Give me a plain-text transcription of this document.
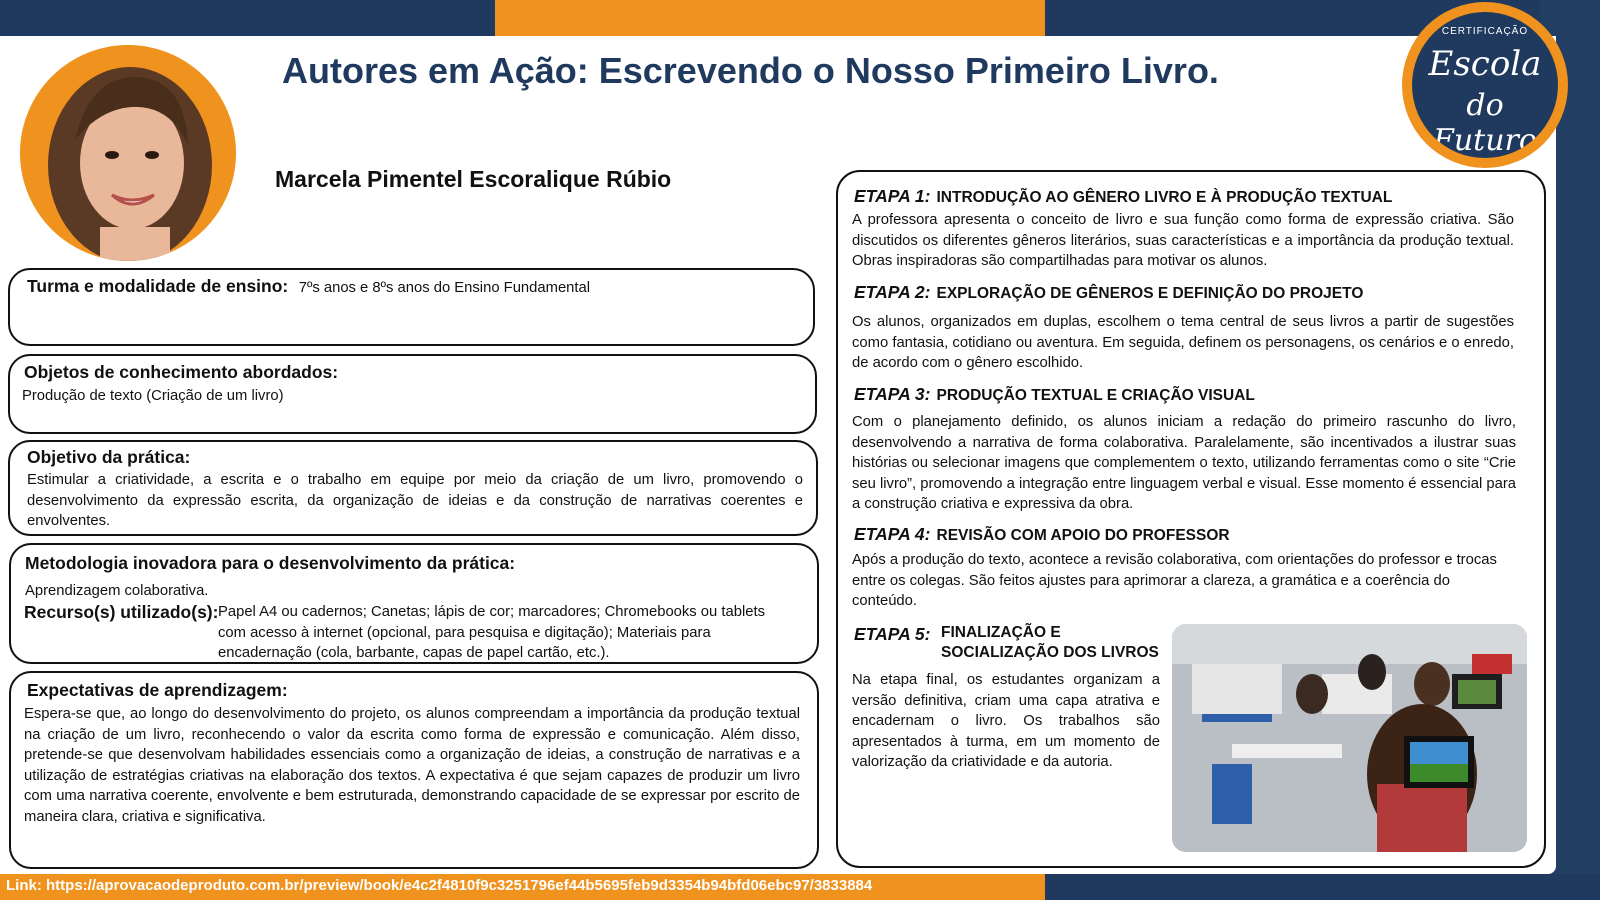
Autores em Ação: Escrevendo o Nosso Primeiro Livro.
Marcela Pimentel Escoralique Rúbio
CERTIFICAÇÃO
Escola
do Futuro
Turma e modalidade de ensino: 7ºs anos e 8ºs anos do Ensino Fundamental
Objetos de conhecimento abordados:
Produção de texto (Criação de um livro)
Objetivo da prática:
Estimular a criatividade, a escrita e o trabalho em equipe por meio da criação de um livro, promovendo o desenvolvimento da expressão escrita, da organização de ideias e da construção de narrativas coerentes e envolventes.
Metodologia inovadora para o desenvolvimento da prática:
Aprendizagem colaborativa.
Recurso(s) utilizado(s): Papel A4 ou cadernos; Canetas; lápis de cor; marcadores; Chromebooks ou tablets com acesso à internet (opcional, para pesquisa e digitação); Materiais para encadernação (cola, barbante, capas de papel cartão, etc.).
Expectativas de aprendizagem:
Espera-se que, ao longo do desenvolvimento do projeto, os alunos compreendam a importância da produção textual na criação de um livro, reconhecendo o valor da escrita como forma de expressão e comunicação. Além disso, pretende-se que desenvolvam habilidades essenciais como a organização de ideias, a construção de narrativas e a utilização de estratégias criativas na elaboração dos textos. A expectativa é que sejam capazes de produzir um livro com uma narrativa coerente, envolvente e bem estruturada, demonstrando capacidade de se expressar por escrito de maneira clara, criativa e significativa.
ETAPA 1: INTRODUÇÃO AO GÊNERO LIVRO E À PRODUÇÃO TEXTUAL
A professora apresenta o conceito de livro e sua função como forma de expressão criativa. São discutidos os diferentes gêneros literários, suas características e a importância da produção textual. Obras inspiradoras são compartilhadas para motivar os alunos.
ETAPA 2: EXPLORAÇÃO DE GÊNEROS E DEFINIÇÃO DO PROJETO
Os alunos, organizados em duplas, escolhem o tema central de seus livros a partir de sugestões como fantasia, cotidiano ou aventura. Em seguida, definem os personagens, os cenários e o enredo, de acordo com o gênero escolhido.
ETAPA 3: PRODUÇÃO TEXTUAL E CRIAÇÃO VISUAL
Com o planejamento definido, os alunos iniciam a redação do primeiro rascunho do livro, desenvolvendo a narrativa de forma colaborativa. Paralelamente, são incentivados a ilustrar suas histórias ou selecionar imagens que complementem o texto, utilizando ferramentas como o site “Crie seu livro”, promovendo a integração entre linguagem verbal e visual. Esse momento é essencial para a construção criativa e expressiva da obra.
ETAPA 4: REVISÃO COM APOIO DO PROFESSOR
Após a produção do texto, acontece a revisão colaborativa, com orientações do professor e trocas entre os colegas. São feitos ajustes para aprimorar a clareza, a gramática e a coerência do conteúdo.
ETAPA 5: FINALIZAÇÃO E
SOCIALIZAÇÃO DOS LIVROS
Na etapa final, os estudantes organizam a versão definitiva, criam uma capa atrativa e encadernam o livro. Os trabalhos são apresentados à turma, em um momento de valorização da criatividade e da autoria.
Link: https://aprovacaodeproduto.com.br/preview/book/e4c2f4810f9c3251796ef44b5695feb9d3354b94bfd06ebc97/3833884
